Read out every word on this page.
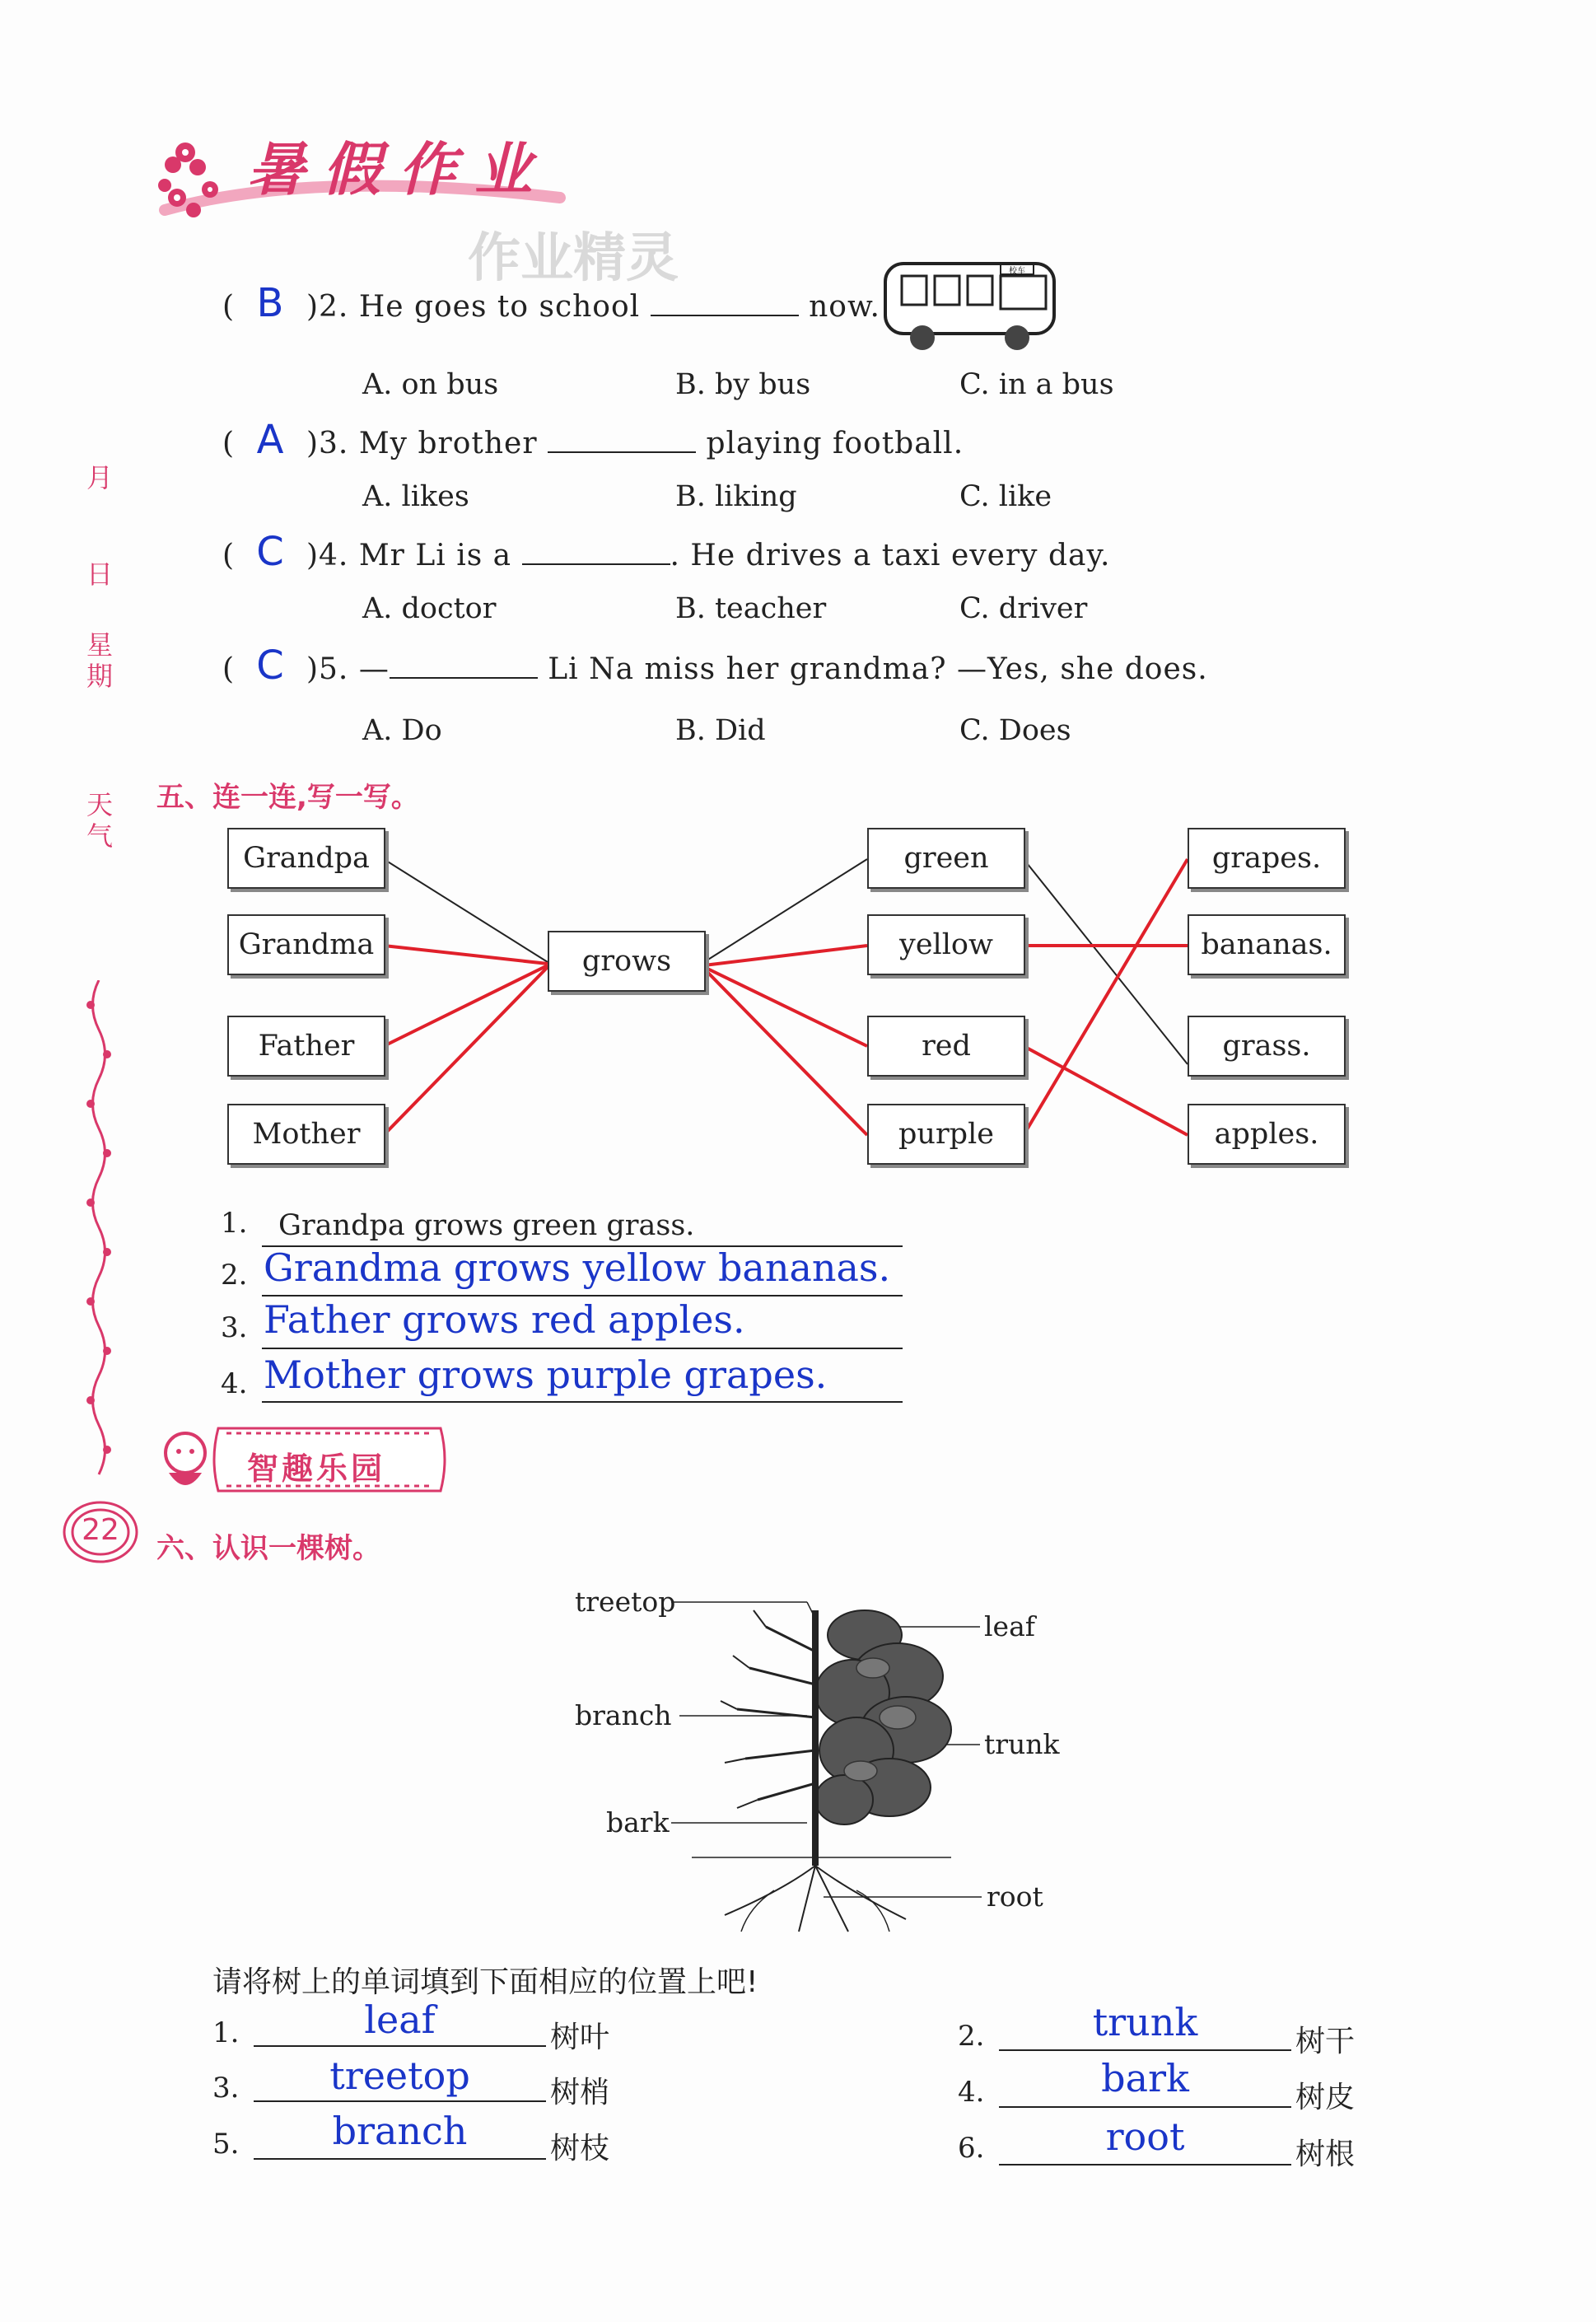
暑假作业
作业精灵
月
日
星
期
天
气
22
( B )2. He goes to school	now.
校车
A. on bus	B. by bus	C. in a bus
( A )3. My brother	playing football.
A. likes	B. liking	C. like
( C )4. Mr Li is a	. He drives a taxi every day.
A. doctor	B. teacher	C. driver
( C )5. —	Li Na miss her grandma? —Yes, she does.
A. Do	B. Did	C. Does
五、连一连,写一写。
Grandpa
Grandma
Father
Mother
grows
green
yellow
red
purple
grapes.
bananas.
grass.
apples.
1. Grandpa grows green grass.
2. Grandma grows yellow bananas.
3. Father grows red apples.
4. Mother grows purple grapes.
智趣乐园
六、认识一棵树。
treetop
leaf
branch
trunk
bark
root
请将树上的单词填到下面相应的位置上吧!
1.	leaf	树叶	2.	trunk	树干
3.	treetop	树梢	4.	bark	树皮
5.	branch	树枝	6.	root	树根
